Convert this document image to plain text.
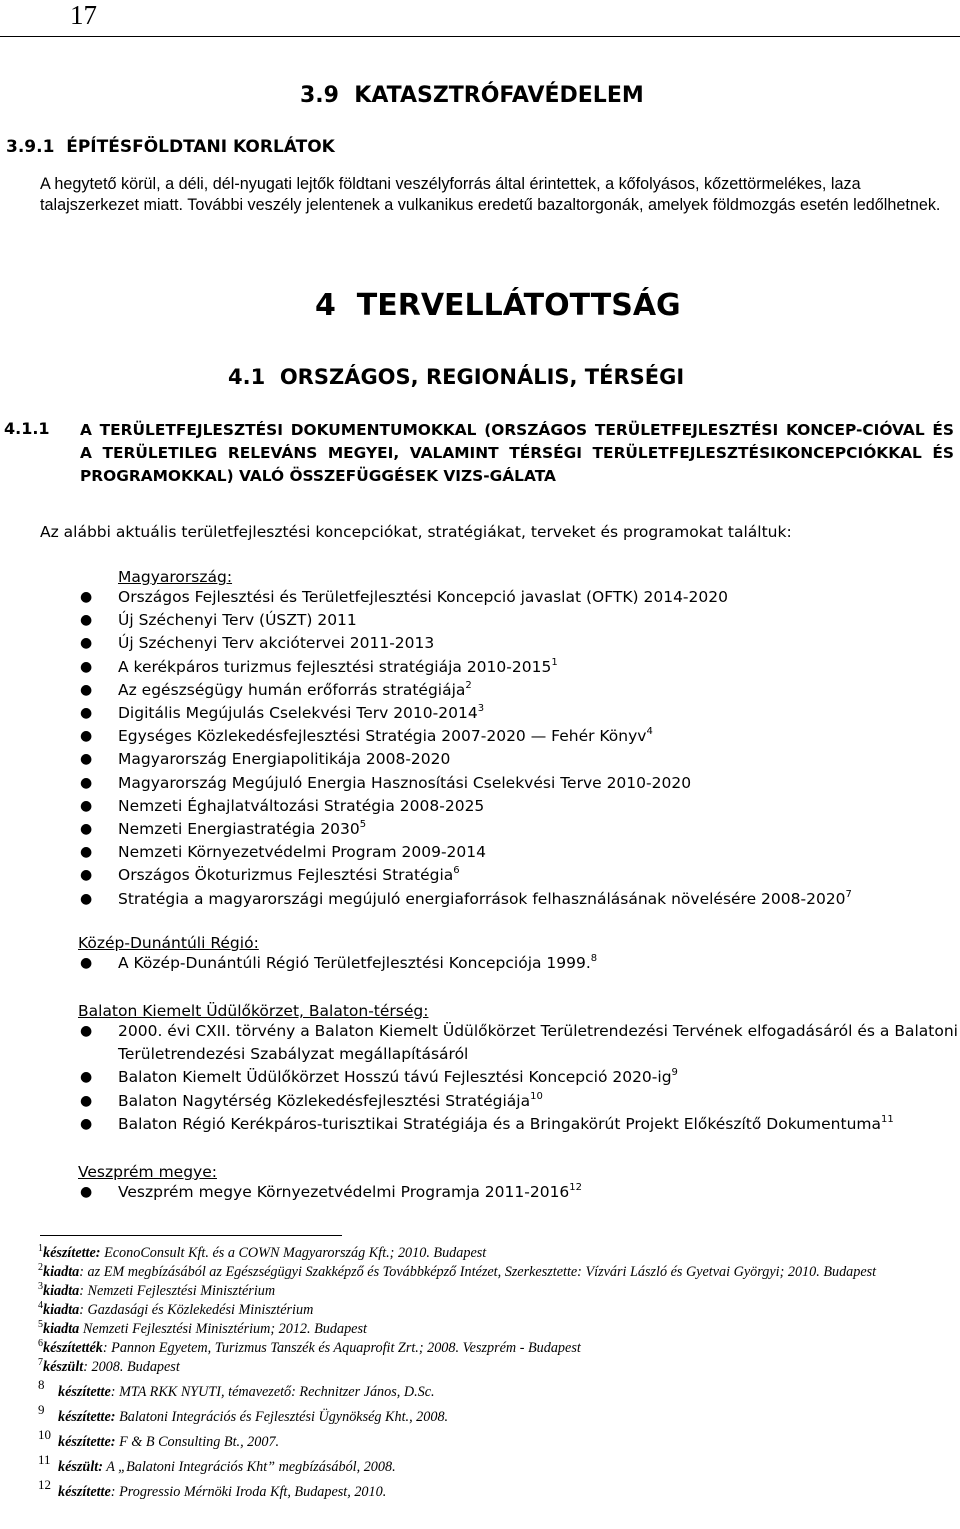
17
3.9  KATASZTRÓFAVÉDELEM
3.9.1  ÉPÍTÉSFÖLDTANI KORLÁTOK
A hegytető körül, a déli, dél-nyugati lejtők földtani veszélyforrás által érintettek, a kőfolyásos, kőzettörmelékes, laza talajszerkezet miatt. További veszély jelentenek a vulkanikus eredetű bazaltorgonák, amelyek földmozgás esetén ledőlhetnek.
4  TERVELLÁTOTTSÁG
4.1  ORSZÁGOS, REGIONÁLIS, TÉRSÉGI
4.1.1 A TERÜLETFEJLESZTÉSI DOKUMENTUMOKKAL (ORSZÁGOS TERÜLETFEJLESZTÉSI KONCEP-CIÓVAL ÉS A TERÜLETILEG RELEVÁNS MEGYEI, VALAMINT TÉRSÉGI TERÜLETFEJLESZTÉSIKONCEPCIÓKKAL ÉS PROGRAMOKKAL) VALÓ ÖSSZEFÜGGÉSEK VIZS-GÁLATA
Az alábbi aktuális területfejlesztési koncepciókat, stratégiákat, terveket és programokat találtuk:
Magyarország:
● Országos Fejlesztési és Területfejlesztési Koncepció javaslat (OFTK) 2014-2020
● Új Széchenyi Terv (ÚSZT) 2011
● Új Széchenyi Terv akciótervei 2011-2013
● A kerékpáros turizmus fejlesztési stratégiája 2010-2015$^1$
● Az egészségügy humán erőforrás stratégiája$^2$
● Digitális Megújulás Cselekvési Terv 2010-2014$^3$
● Egységes Közlekedésfejlesztési Stratégia 2007-2020 — Fehér Könyv$^4$
● Magyarország Energiapolitikája 2008-2020
● Magyarország Megújuló Energia Hasznosítási Cselekvési Terve 2010-2020
● Nemzeti Éghajlatváltozási Stratégia 2008-2025
● Nemzeti Energiastratégia 2030$^5$
● Nemzeti Környezetvédelmi Program 2009-2014
● Országos Ökoturizmus Fejlesztési Stratégia$^6$
● Stratégia a magyarországi megújuló energiaforrások felhasználásának növelésére 2008-2020$^7$
Közép-Dunántúli Régió:
● A Közép-Dunántúli Régió Területfejlesztési Koncepciója 1999.$^8$
Balaton Kiemelt Üdülőkörzet, Balaton-térség:
● 2000. évi CXII. törvény a Balaton Kiemelt Üdülőkörzet Területrendezési Tervének elfogadásáról és a Balatoni Területrendezési Szabályzat megállapításáról
● Balaton Kiemelt Üdülőkörzet Hosszú távú Fejlesztési Koncepció $2020-ig^9$
● Balaton Nagytérség Közlekedésfejlesztési Stratégiája$^{10}$
● Balaton Régió Kerékpáros-turisztikai Stratégiája és a Bringakörút Projekt Előkészítő Dokumentuma$^{11}$
Veszprém megye:
● Veszprém megye Környezetvédelmi Programja 2011-2016$^{12}$
$^1$készítette: EconoConsult Kft. és a COWN Magyarország Kft.; 2010. Budapest
$^2$kiadta: az EM megbízásából az Egészségügyi Szakképző és Továbbképző Intézet, Szerkesztette: Vízvári László és Gyetvai Györgyi; 2010. Budapest
$^3$kiadta: Nemzeti Fejlesztési Minisztérium
$^4$kiadta: Gazdasági és Közlekedési Minisztérium
$^5$kiadta Nemzeti Fejlesztési Minisztérium; 2012. Budapest
$^6$készítették: Pannon Egyetem, Turizmus Tanszék és Aquaprofit Zrt.; 2008. Veszprém - Budapest
$^7$készült: 2008. Budapest
8 készítette: MTA RKK NYUTI, témavezető: Rechnitzer János, D.Sc.
9 készítette: Balatoni Integrációs és Fejlesztési Ügynökség Kht., 2008.
10 készítette: F & B Consulting Bt., 2007.
11 készült: A „Balatoni Integrációs Kht” megbízásából, 2008.
12 készítette: Progressio Mérnöki Iroda Kft, Budapest, 2010.
